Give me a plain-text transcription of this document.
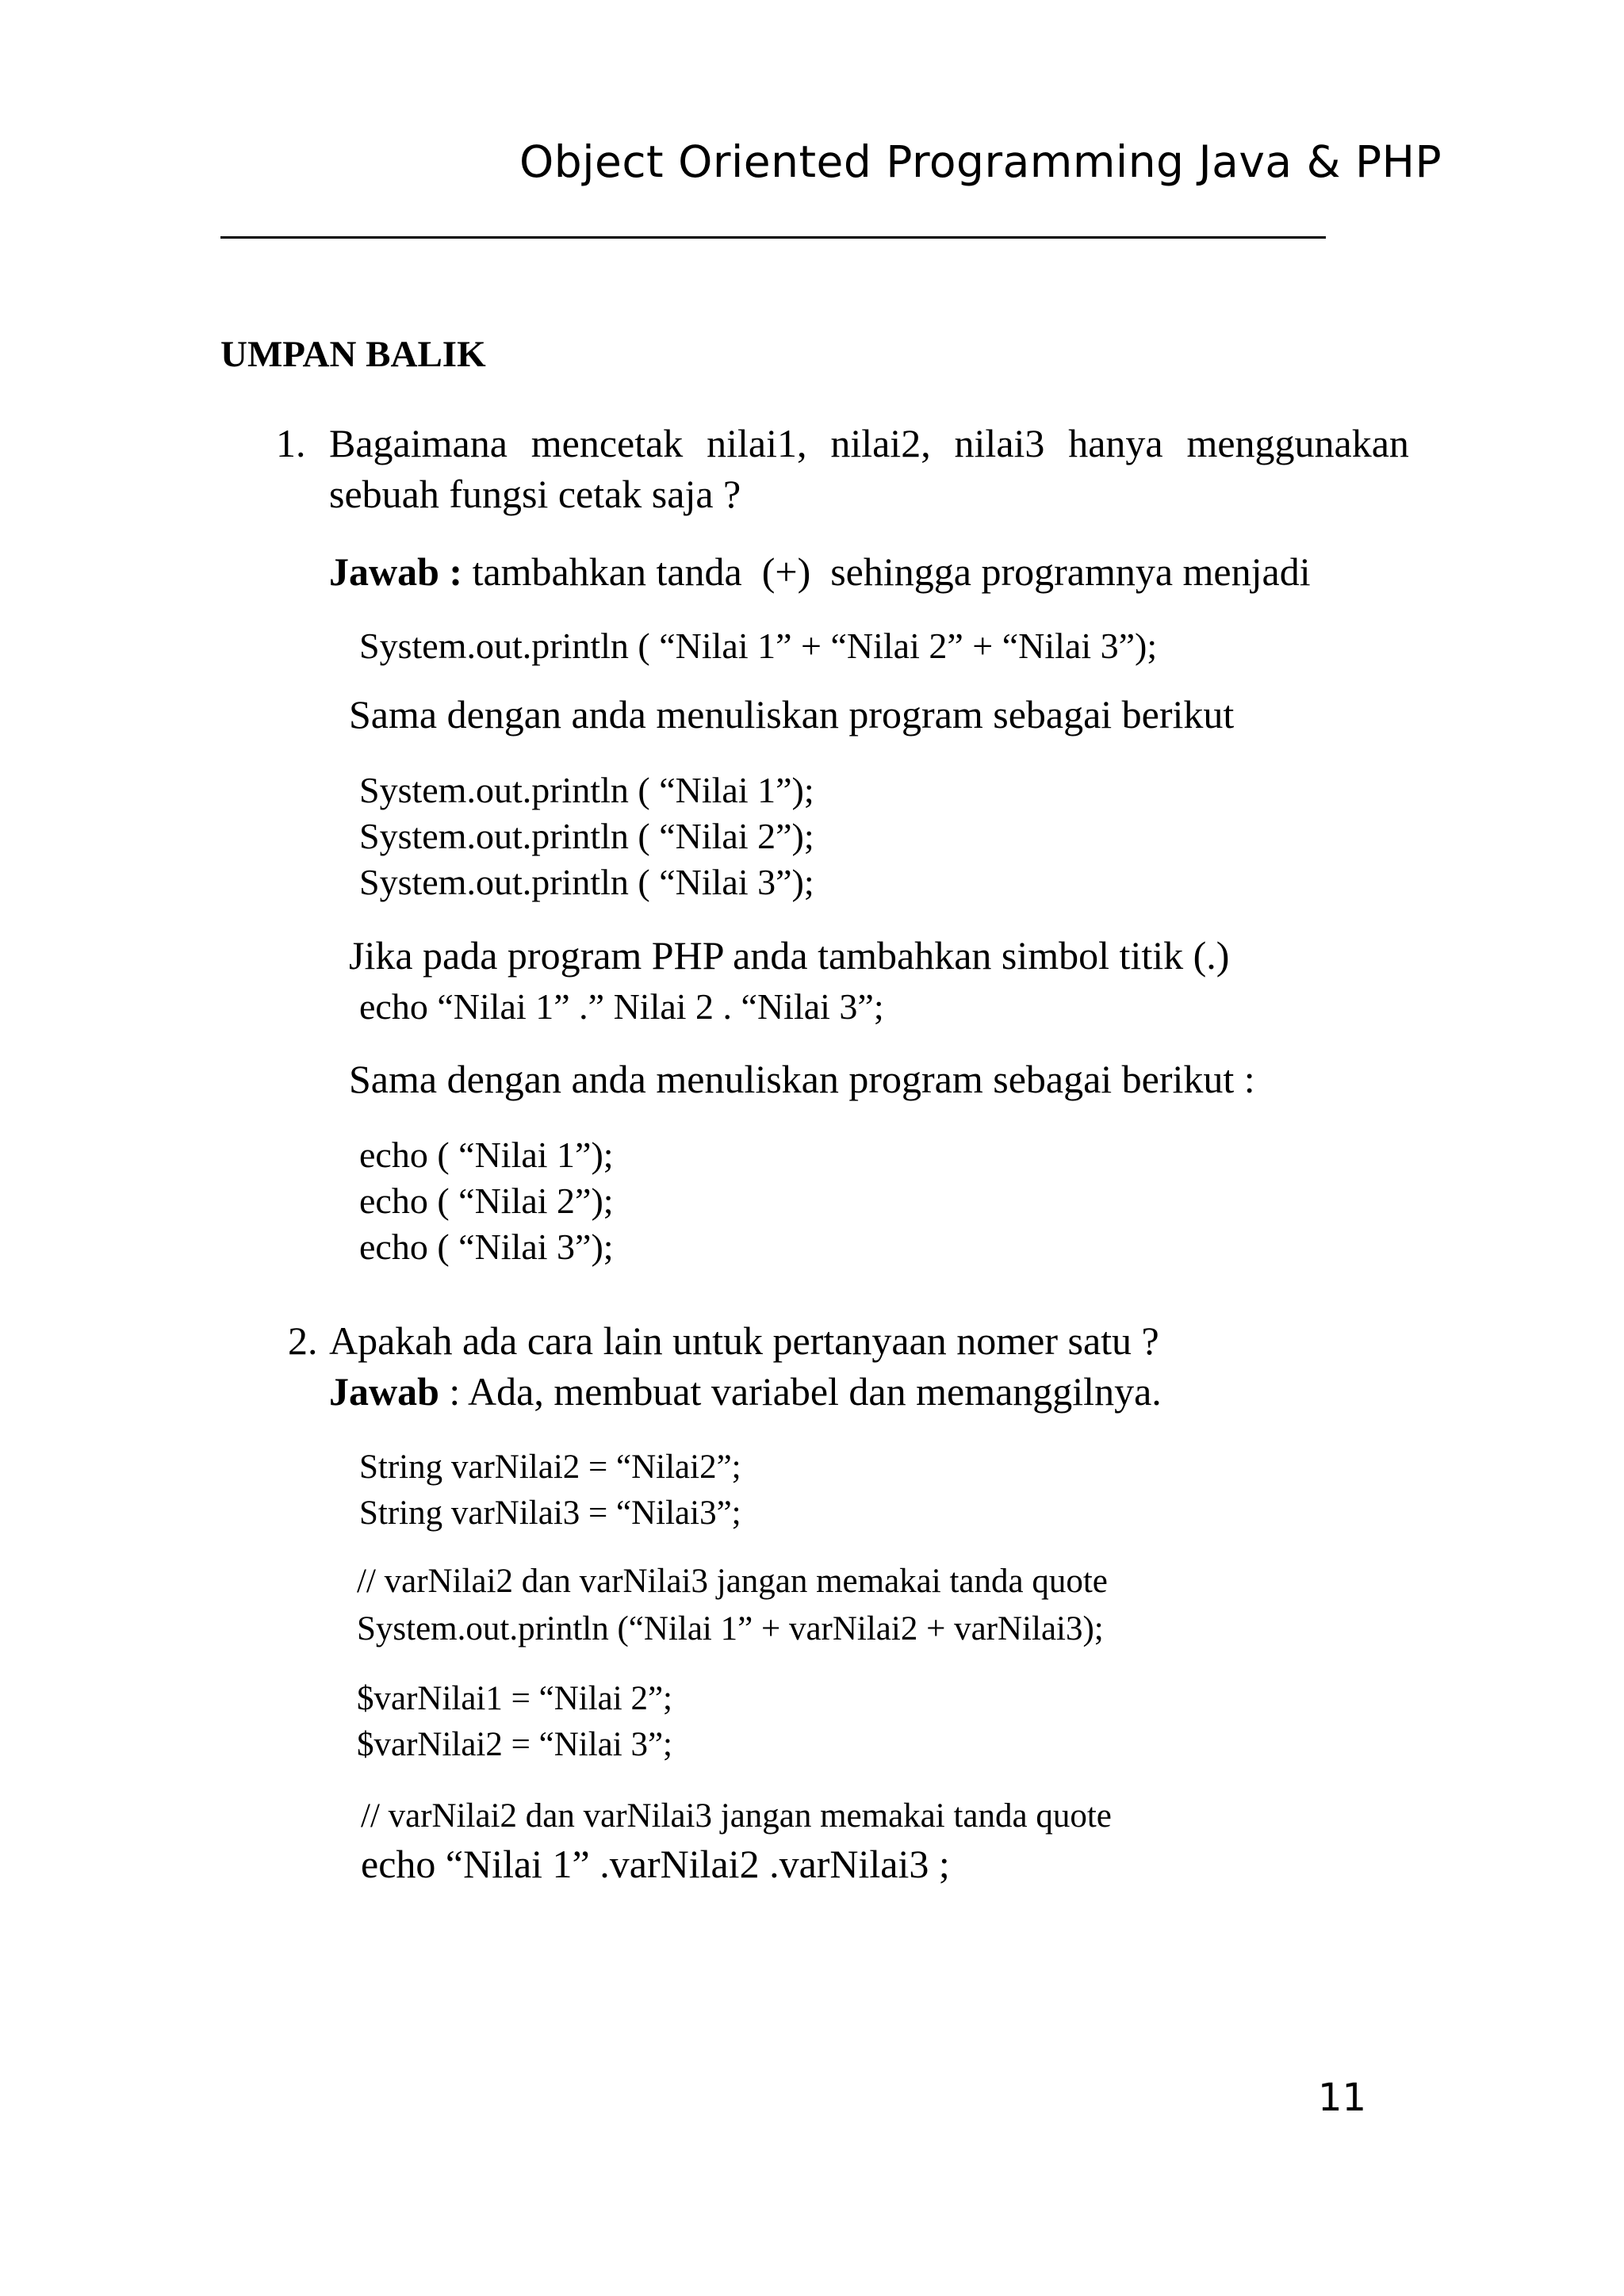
Object Oriented Programming Java & PHP
UMPAN BALIK
1. Bagaimana mencetak nilai1, nilai2, nilai3 hanya menggunakan
sebuah fungsi cetak saja ?
Jawab : tambahkan tanda  (+)  sehingga programnya menjadi
System.out.println ( “Nilai 1” + “Nilai 2” + “Nilai 3”);
Sama dengan anda menuliskan program sebagai berikut
System.out.println ( “Nilai 1”);
System.out.println ( “Nilai 2”);
System.out.println ( “Nilai 3”);
Jika pada program PHP anda tambahkan simbol titik (.)
echo “Nilai 1” .” Nilai 2 . “Nilai 3”;
Sama dengan anda menuliskan program sebagai berikut :
echo ( “Nilai 1”);
echo ( “Nilai 2”);
echo ( “Nilai 3”);
2. Apakah ada cara lain untuk pertanyaan nomer satu ?
Jawab : Ada, membuat variabel dan memanggilnya.
String varNilai2 = “Nilai2”;
String varNilai3 = “Nilai3”;
// varNilai2 dan varNilai3 jangan memakai tanda quote
System.out.println (“Nilai 1” + varNilai2 + varNilai3);
$varNilai1 = “Nilai 2”;
$varNilai2 = “Nilai 3”;
// varNilai2 dan varNilai3 jangan memakai tanda quote
echo “Nilai 1” .varNilai2 .varNilai3 ;
11
